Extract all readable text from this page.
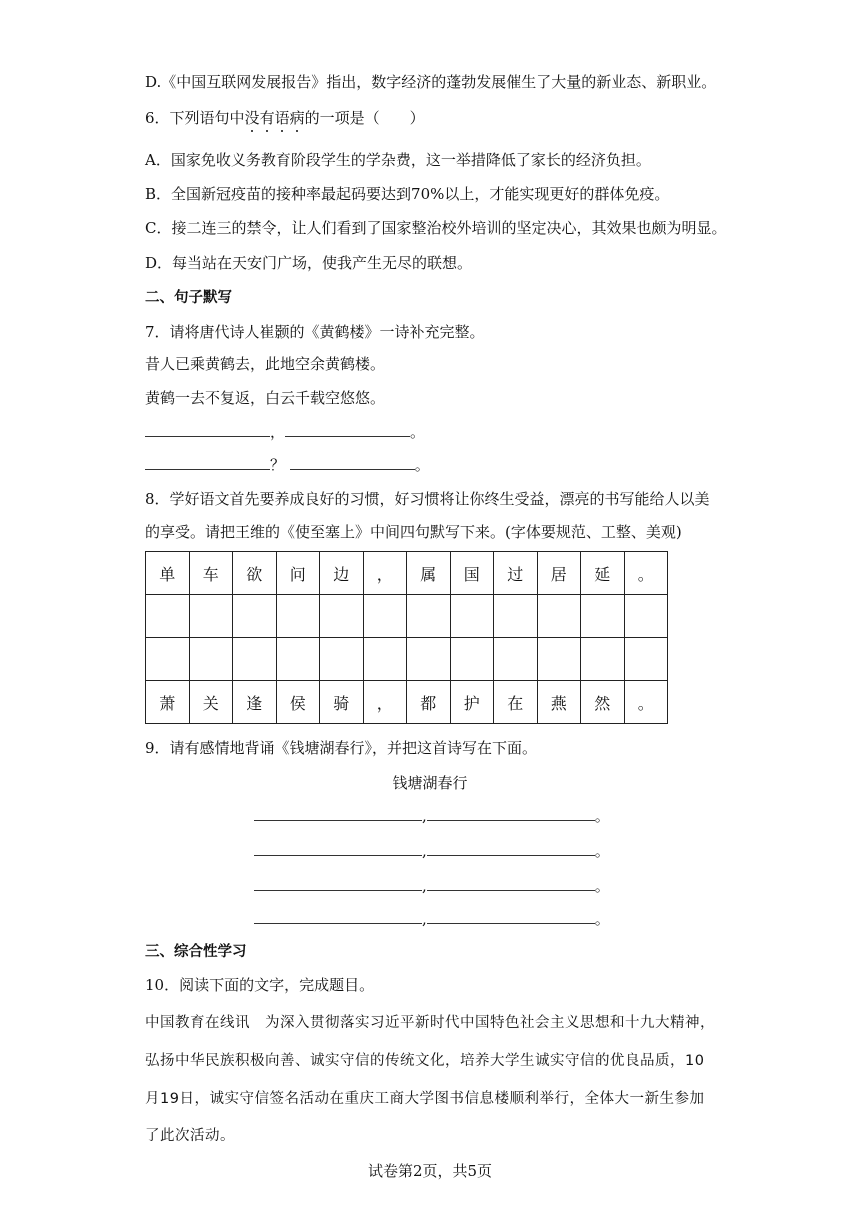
D.《中国互联网发展报告》指出，数字经济的蓬勃发展催生了大量的新业态、新职业。
6．下列语句中没有语病的一项是（　　）
A．国家免收义务教育阶段学生的学杂费，这一举措降低了家长的经济负担。
B．全国新冠疫苗的接种率最起码要达到70%以上，才能实现更好的群体免疫。
C．接二连三的禁令，让人们看到了国家整治校外培训的坚定决心，其效果也颇为明显。
D．每当站在天安门广场，使我产生无尽的联想。
二、句子默写
7．请将唐代诗人崔颢的《黄鹤楼》一诗补充完整。
昔人已乘黄鹤去，此地空余黄鹤楼。
黄鹤一去不复返，白云千载空悠悠。
，	。
？	。
8．学好语文首先要养成良好的习惯，好习惯将让你终生受益，漂亮的书写能给人以美
的享受。请把王维的《使至塞上》中间四句默写下来。(字体要规范、工整、美观)
单	车	欲	问	边	，	属	国	过	居	延	。

萧	关	逢	侯	骑	，	都	护	在	燕	然	。
9．请有感情地背诵《钱塘湖春行》，并把这首诗写在下面。
钱塘湖春行
,	。
,	。
,	。
,	。
三、综合性学习
10．阅读下面的文字，完成题目。
中国教育在线讯　为深入贯彻落实习近平新时代中国特色社会主义思想和十九大精神，
弘扬中华民族积极向善、诚实守信的传统文化，培养大学生诚实守信的优良品质，10
月19日，诚实守信签名活动在重庆工商大学图书信息楼顺利举行，全体大一新生参加
了此次活动。
试卷第2页，共5页
